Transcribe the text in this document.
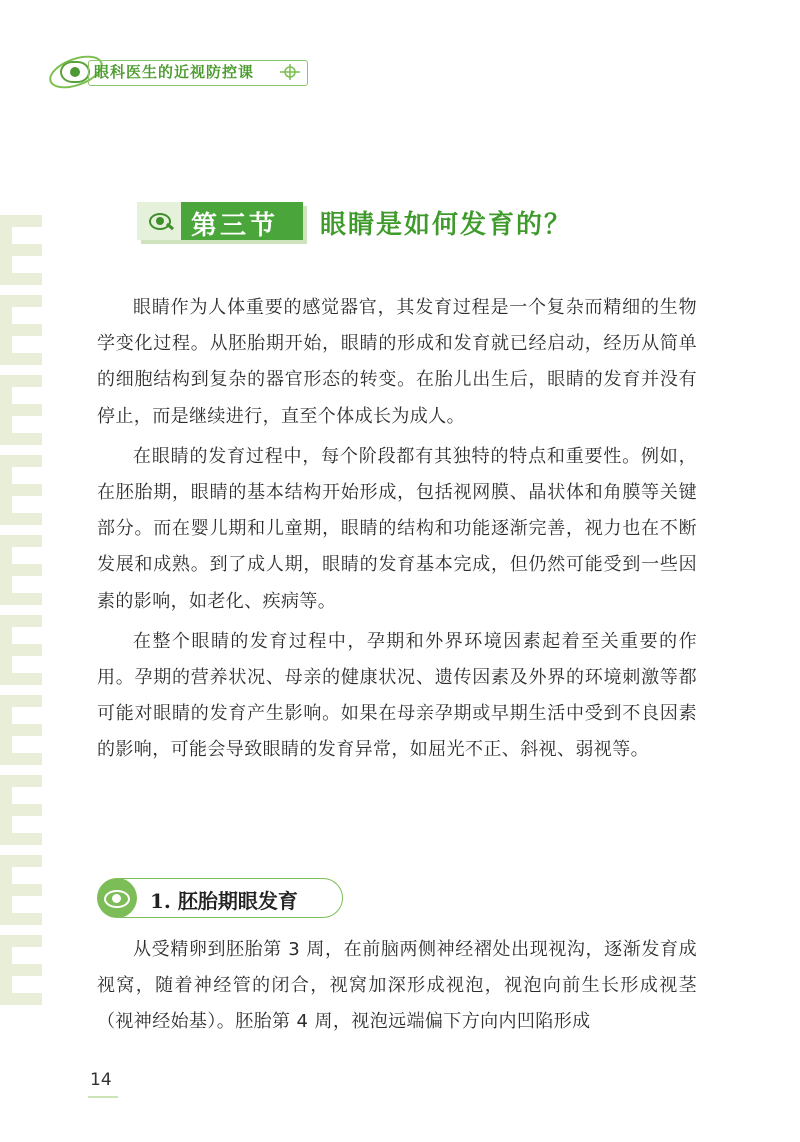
眼科医生的近视防控课
第三节 眼睛是如何发育的？

眼睛作为人体重要的感觉器官，其发育过程是一个复杂而精细的生物学变化过程。从胚胎期开始，眼睛的形成和发育就已经启动，经历从简单的细胞结构到复杂的器官形态的转变。在胎儿出生后，眼睛的发育并没有停止，而是继续进行，直至个体成长为成人。

在眼睛的发育过程中，每个阶段都有其独特的特点和重要性。例如，在胚胎期，眼睛的基本结构开始形成，包括视网膜、晶状体和角膜等关键部分。而在婴儿期和儿童期，眼睛的结构和功能逐渐完善，视力也在不断发展和成熟。到了成人期，眼睛的发育基本完成，但仍然可能受到一些因素的影响，如老化、疾病等。

在整个眼睛的发育过程中，孕期和外界环境因素起着至关重要的作用。孕期的营养状况、母亲的健康状况、遗传因素及外界的环境刺激等都可能对眼睛的发育产生影响。如果在母亲孕期或早期生活中受到不良因素的影响，可能会导致眼睛的发育异常，如屈光不正、斜视、弱视等。

1. 胚胎期眼发育

从受精卵到胚胎第 3 周，在前脑两侧神经褶处出现视沟，逐渐发育成视窝，随着神经管的闭合，视窝加深形成视泡，视泡向前生长形成视茎（视神经始基）。胚胎第 4 周，视泡远端偏下方向内凹陷形成

14
